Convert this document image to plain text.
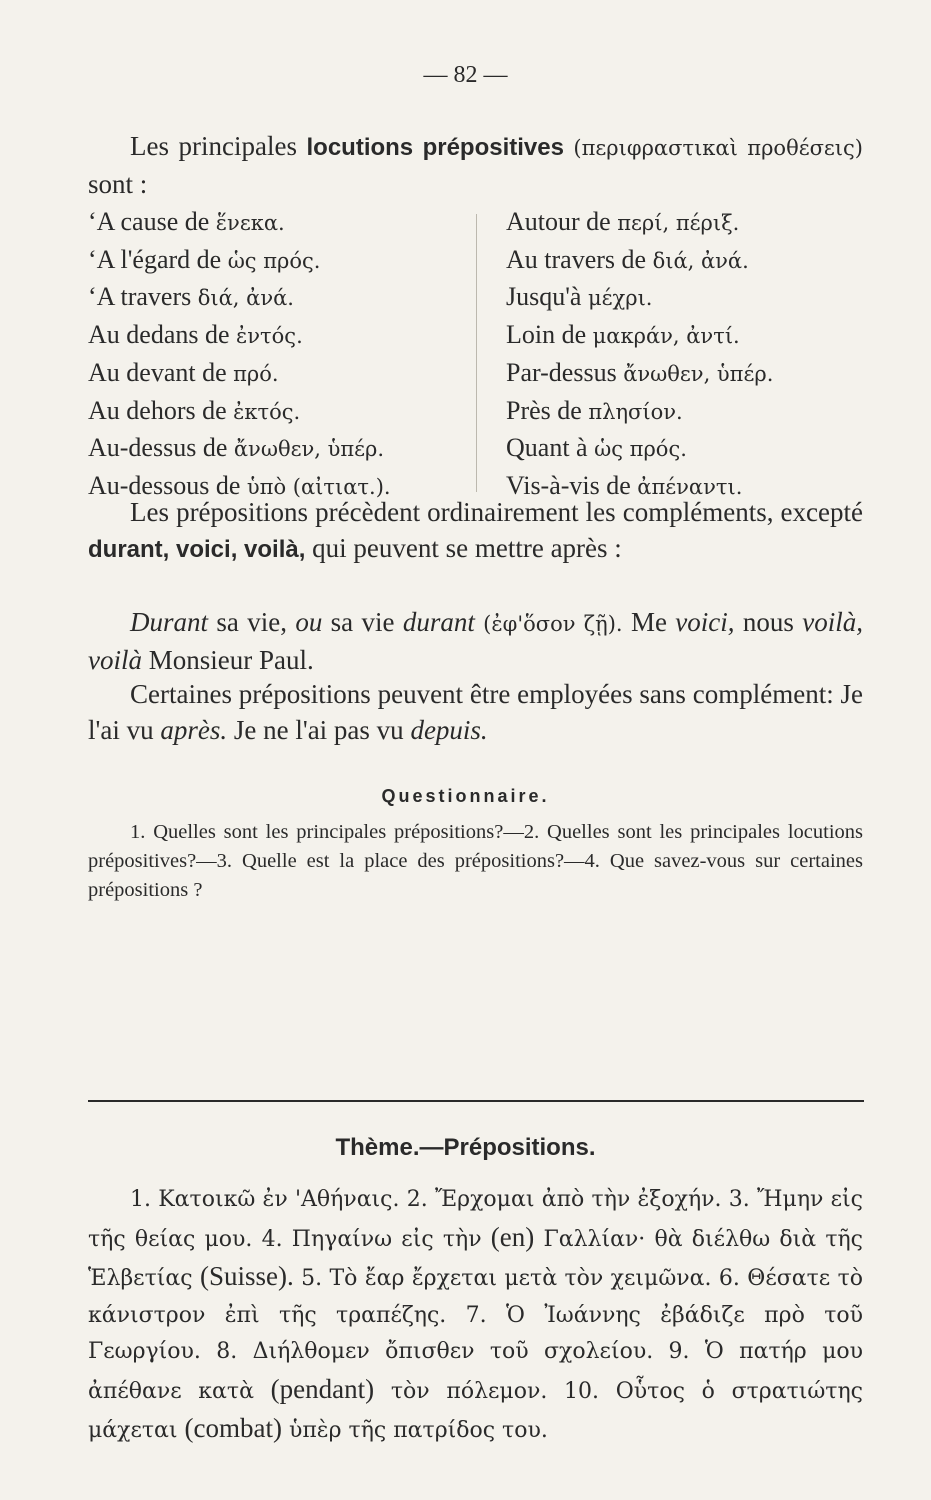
— 82 —
Les principales locutions prépositives (περιφραστικαὶ προθέσεις) sont :
ʻA cause de ἕνεκα.
ʻA l'égard de ὡς πρός.
ʻA travers διά, ἀνά.
Au dedans de ἐντός.
Au devant de πρό.
Au dehors de ἐκτός.
Au-dessus de ἄνωθεν, ὑπέρ.
Au-dessous de ὑπὸ (αἰτιατ.).
Autour de περί, πέριξ.
Au travers de διά, ἀνά.
Jusqu'à μέχρι.
Loin de μακράν, ἀντί.
Par-dessus ἄνωθεν, ὑπέρ.
Près de πλησίον.
Quant à ὡς πρός.
Vis-à-vis de ἀπέναντι.
Les prépositions précèdent ordinairement les compléments, excepté durant, voici, voilà, qui peuvent se mettre après :
Durant sa vie, ou sa vie durant (ἐφ'ὅσον ζῇ). Me voici, nous voilà, voilà Monsieur Paul.
Certaines prépositions peuvent être employées sans complément: Je l'ai vu après. Je ne l'ai pas vu depuis.
Questionnaire.
1. Quelles sont les principales prépositions?—2. Quelles sont les principales locutions prépositives?—3. Quelle est la place des prépositions?—4. Que savez-vous sur certaines prépositions ?
Thème.—Prépositions.
1. Κατοικῶ ἐν 'Αθήναις. 2. Ἔρχομαι ἀπὸ τὴν ἐξοχήν. 3. Ἤμην εἰς τῆς θείας μου. 4. Πηγαίνω εἰς τὴν (en) Γαλλίαν· θὰ διέλθω διὰ τῆς Ἑλβετίας (Suisse). 5. Τὸ ἔαρ ἔρχεται μετὰ τὸν χειμῶνα. 6. Θέσατε τὸ κάνιστρον ἐπὶ τῆς τραπέζης. 7. Ὁ Ἰωάννης ἐβάδιζε πρὸ τοῦ Γεωργίου. 8. Διήλθομεν ὄπισθεν τοῦ σχολείου. 9. Ὁ πατήρ μου ἀπέθανε κατὰ (pendant) τὸν πόλεμον. 10. Οὗτος ὁ στρατιώτης μάχεται (combat) ὑπὲρ τῆς πατρίδος του.
